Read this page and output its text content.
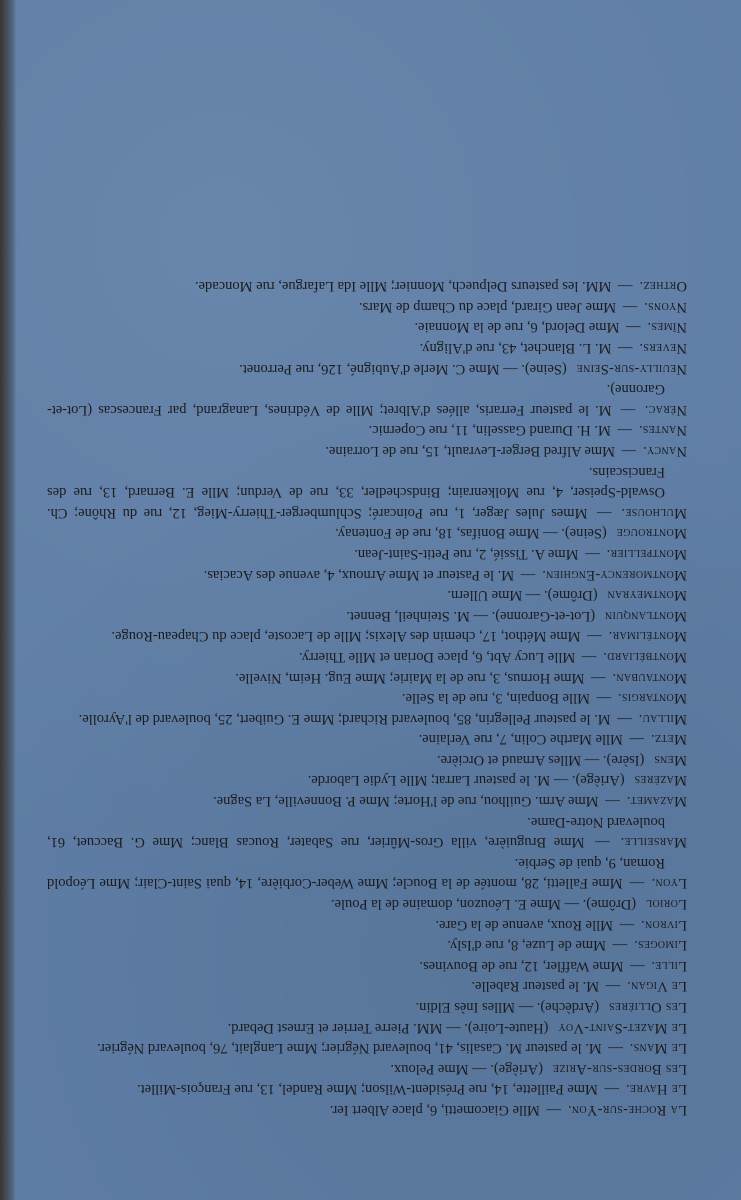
La Roche-sur-Yon. — Mlle Giacometti, 6, place Albert Ier.

Le Havre. — Mme Paillette, 14, rue Président-Wilson; Mme Randel, 13, rue François-Millet.

Les Bordes-sur-Arize (Ariège). — Mme Peloux.

Le Mans. — M. le pasteur M. Casalis, 41, boulevard Négrier; Mme Langlait, 76, boulevard Négrier.

Le Mazet-Saint-Voy (Haute-Loire). — MM. Pierre Terrier et Ernest Debard.

Les Ollières (Ardèche). — Mlles Inès Eldin.

Le Vigan. — M. le pasteur Rabelle.

Lille. — Mme Waffler, 12, rue de Bouvines.

Limoges. — Mme de Luze, 8, rue d'Isly.

Livron. — Mlle Roux, avenue de la Gare.

Loriol (Drôme). — Mme E. Léouzon, domaine de la Poule.

Lyon. — Mme Falletti, 28, montée de la Boucle; Mme Weber-Corbière, 14, quai Saint-Clair; Mme Léopold Roman, 9, quai de Serbie.

Marseille. — Mme Bruguière, villa Gros-Mûrier, rue Sabater, Roucas Blanc; Mme G. Baccuet, 61, boulevard Notre-Dame.

Mazamet. — Mme Arm. Guilhou, rue de l'Horte; Mme P. Bonneville, La Sagne.

Mazères (Ariège). — M. le pasteur Larrat; Mlle Lydie Laborde.

Mens (Isère). — Mlles Arnaud et Orcière.

Metz. — Mlle Marthe Colin, 7, rue Verlaine.

Millau. — M. le pasteur Pellegrin, 85, boulevard Richard; Mme E. Guibert, 25, boulevard de l'Ayrolle.

Montargis. — Mlle Bonpain, 3, rue de la Selle.

Montauban. — Mme Hornus, 3, rue de la Mairie; Mme Eug. Heim, Nivelle.

Montbéliard. — Mlle Lucy Abt, 6, place Dorian et Mlle Thierry.

Montélimar. — Mme Méthot, 17, chemin des Alexis; Mlle de Lacoste, place du Chapeau-Rouge.

Montlanquin (Lot-et-Garonne). — M. Steinheil, Bennet.

Montmeyran (Drôme). — Mme Ullern.

Montmorency-Enghien. — M. le Pasteur et Mme Arnoux, 4, avenue des Acacias.

Montpellier. — Mme A. Tissié, 2, rue Petit-Saint-Jean.

Montrouge (Seine). — Mme Bonifas, 18, rue de Fontenay.

Mulhouse. — Mmes Jules Jæger, 1, rue Poincaré; Schlumberger-Thierry-Mieg, 12, rue du Rhône; Ch. Oswald-Speiser, 4, rue Molkenrain; Bindschedler, 33, rue de Verdun; Mlle E. Bernard, 13, rue des Franciscains.

Nancy. — Mme Alfred Berger-Levrault, 15, rue de Lorraine.

Nantes. — M. H. Durand Gasselin, 11, rue Copernic.

Nérac. — M. le pasteur Ferraris, allées d'Albret; Mlle de Védrines, Lanagrand, par Francescas (Lot-et-Garonne).

Neuilly-sur-Seine (Seine). — Mme C. Merle d'Aubigné, 126, rue Perronet.

Nevers. — M. L. Blanchet, 43, rue d'Aligny.

Nîmes. — Mme Delord, 6, rue de la Monnaie.

Nyons. — Mme Jean Girard, place du Champ de Mars.

Orthez. — MM. les pasteurs Delpuech, Monnier; Mlle Ida Lafargue, rue Moncade.
